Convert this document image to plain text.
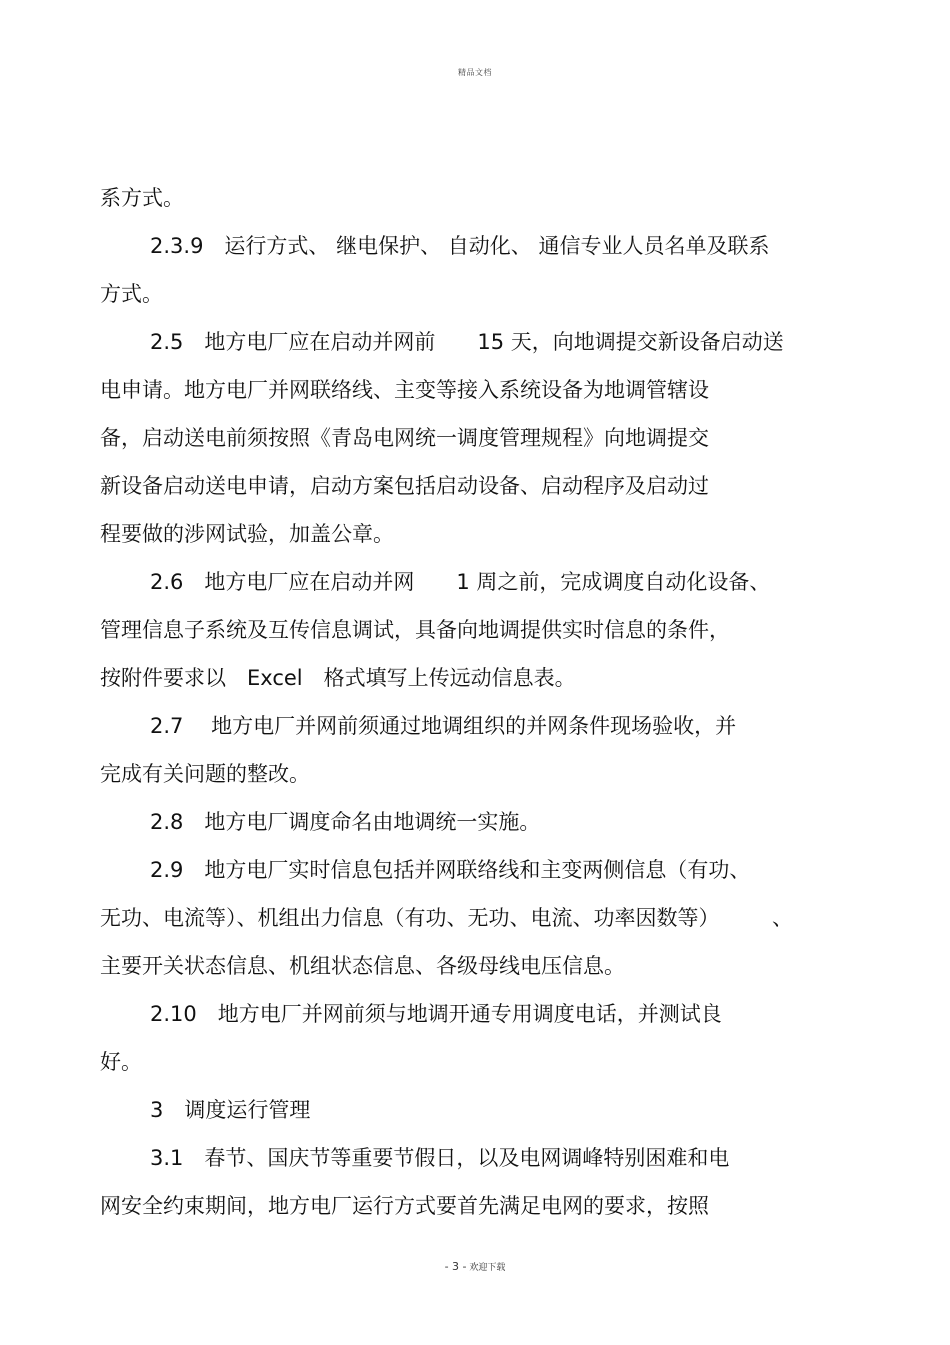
精品文档

系方式。

2.3.9　运行方式、 继电保护、 自动化、 通信专业人员名单及联系

方式。

2.5　地方电厂应在启动并网前　　15 天，向地调提交新设备启动送

电申请。地方电厂并网联络线、主变等接入系统设备为地调管辖设

备，启动送电前须按照《青岛电网统一调度管理规程》向地调提交

新设备启动送电申请，启动方案包括启动设备、启动程序及启动过

程要做的涉网试验，加盖公章。

2.6　地方电厂应在启动并网　　1 周之前，完成调度自动化设备、

管理信息子系统及互传信息调试，具备向地调提供实时信息的条件，

按附件要求以　Excel　格式填写上传远动信息表。

2.7　 地方电厂并网前须通过地调组织的并网条件现场验收，并

完成有关问题的整改。

2.8　地方电厂调度命名由地调统一实施。

2.9　地方电厂实时信息包括并网联络线和主变两侧信息（有功、

无功、电流等）、机组出力信息（有功、无功、电流、功率因数等）　　　、

主要开关状态信息、机组状态信息、各级母线电压信息。

2.10　地方电厂并网前须与地调开通专用调度电话，并测试良

好。

3　调度运行管理

3.1　春节、国庆节等重要节假日，以及电网调峰特别困难和电

网安全约束期间，地方电厂运行方式要首先满足电网的要求，按照

- 3 - 欢迎下载
